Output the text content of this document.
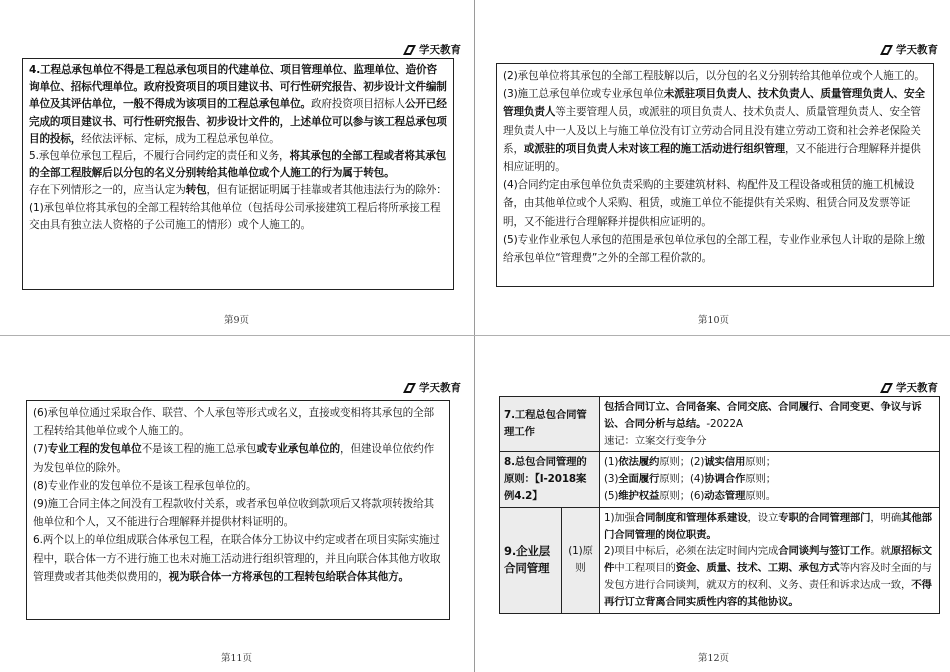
学天教育

4.工程总承包单位不得是工程总承包项目的代建单位、项目管理单位、监理单位、造价咨询单位、招标代理单位。政府投资项目的项目建议书、可行性研究报告、初步设计文件编制单位及其评估单位，一般不得成为该项目的工程总承包单位。政府投资项目招标人公开已经完成的项目建议书、可行性研究报告、初步设计文件的，上述单位可以参与该工程总承包项目的投标，经依法评标、定标，成为工程总承包单位。

5.承包单位承包工程后，不履行合同约定的责任和义务，将其承包的全部工程或者将其承包的全部工程肢解后以分包的名义分别转给其他单位或个人施工的行为属于转包。

存在下列情形之一的，应当认定为转包，但有证据证明属于挂靠或者其他违法行为的除外：

(1)承包单位将其承包的全部工程转给其他单位（包括母公司承接建筑工程后将所承接工程交由具有独立法人资格的子公司施工的情形）或个人施工的。

第9页
学天教育

(2)承包单位将其承包的全部工程肢解以后，以分包的名义分别转给其他单位或个人施工的。

(3)施工总承包单位或专业承包单位未派驻项目负责人、技术负责人、质量管理负责人、安全管理负责人等主要管理人员，或派驻的项目负责人、技术负责人、质量管理负责人、安全管理负责人中一人及以上与施工单位没有订立劳动合同且没有建立劳动工资和社会养老保险关系，或派驻的项目负责人未对该工程的施工活动进行组织管理，又不能进行合理解释并提供相应证明的。

(4)合同约定由承包单位负责采购的主要建筑材料、构配件及工程设备或租赁的施工机械设备，由其他单位或个人采购、租赁，或施工单位不能提供有关采购、租赁合同及发票等证明，又不能进行合理解释并提供相应证明的。

(5)专业作业承包人承包的范围是承包单位承包的全部工程，专业作业承包人计取的是除上缴给承包单位“管理费”之外的全部工程价款的。

第10页
学天教育

(6)承包单位通过采取合作、联营、个人承包等形式或名义，直接或变相将其承包的全部工程转给其他单位或个人施工的。

(7)专业工程的发包单位不是该工程的施工总承包或专业承包单位的，但建设单位依约作为发包单位的除外。

(8)专业作业的发包单位不是该工程承包单位的。

(9)施工合同主体之间没有工程款收付关系，或者承包单位收到款项后又将款项转拨给其他单位和个人，又不能进行合理解释并提供材料证明的。

6.两个以上的单位组成联合体承包工程，在联合体分工协议中约定或者在项目实际实施过程中，联合体一方不进行施工也未对施工活动进行组织管理的，并且向联合体其他方收取管理费或者其他类似费用的，视为联合体一方将承包的工程转包给联合体其他方。

第11页
学天教育
7.工程总包合同管理工作		包括合同订立、合同备案、合同交底、合同履行、合同变更、争议与诉讼、合同分析与总结。-2022A
速记：立案交行变争分
8.总包合同管理的原则：【Ⅰ-2018案例4.2】		(1)依法履约原则；(2)诚实信用原则；
(3)全面履行原则；(4)协调合作原则；
(5)维护权益原则；(6)动态管理原则。
9.企业层合同管理	(1)原则	1)加强合同制度和管理体系建设，设立专职的合同管理部门，明确其他部门合同管理的岗位职责。
2)项目中标后，必须在法定时间内完成合同谈判与签订工作。就原招标文件中工程项目的资金、质量、技术、工期、承包方式等内容及时全面的与发包方进行合同谈判，就双方的权利、义务、责任和诉求达成一致，不得再行订立背离合同实质性内容的其他协议。
第12页
